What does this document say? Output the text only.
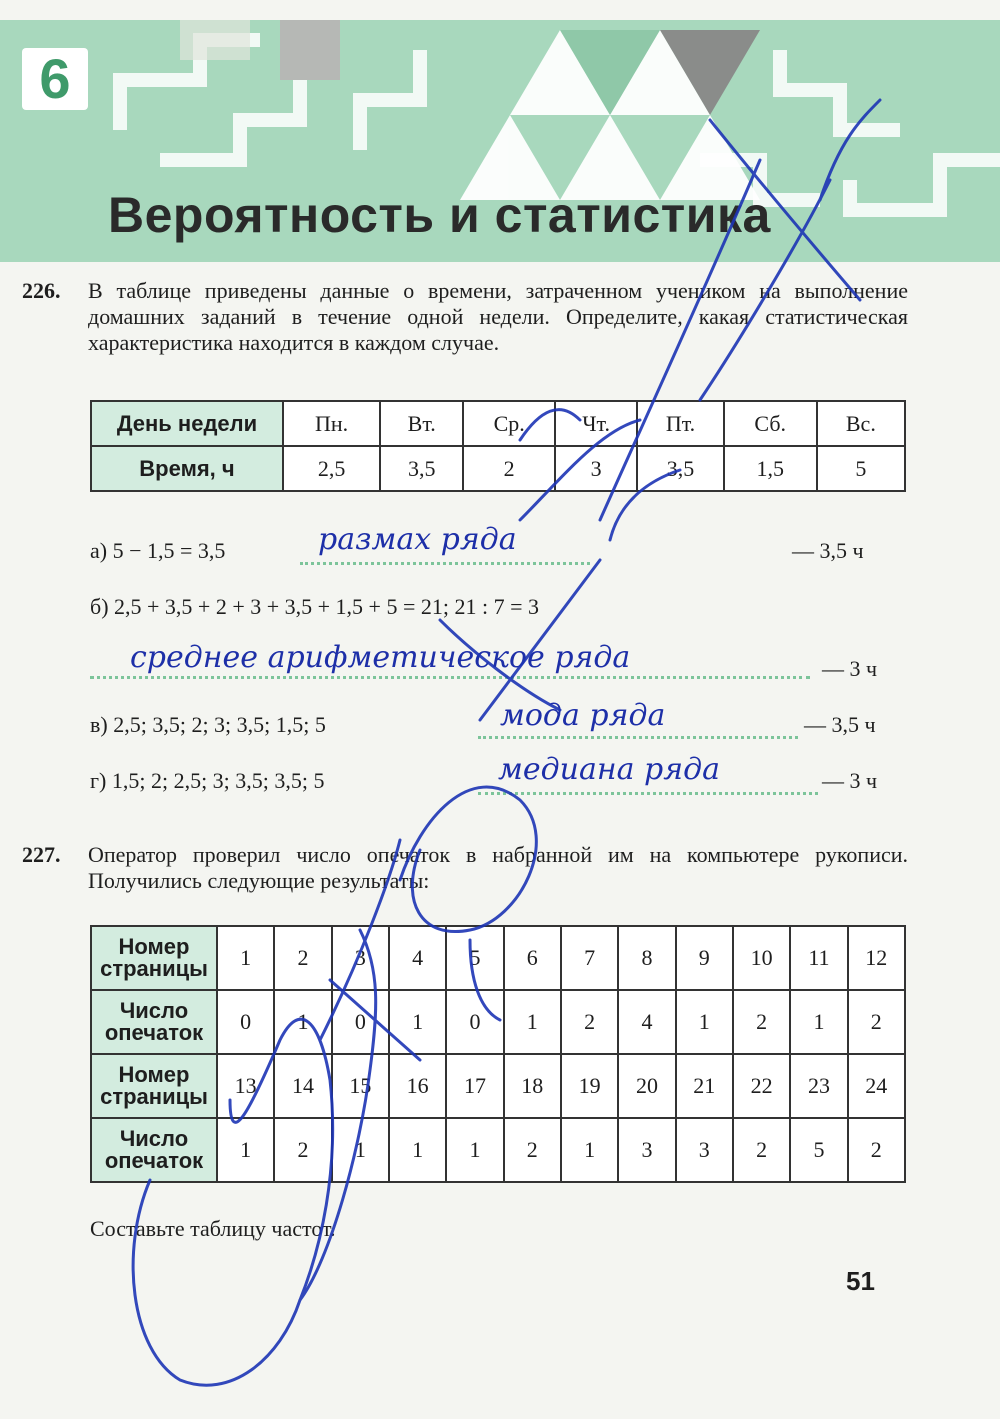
6
Вероятность и статистика
226. В таблице приведены данные о времени, затраченном учеником на выполнение домашних заданий в течение одной недели. Определите, какая статистическая характеристика находится в каждом случае.
День недели	Пн.	Вт.	Ср.	Чт.	Пт.	Сб.	Вс.
Время, ч	2,5	3,5	2	3	3,5	1,5	5
а) 5 − 1,5 = 3,5	размах ряда	— 3,5 ч
б) 2,5 + 3,5 + 2 + 3 + 3,5 + 1,5 + 5 = 21; 21 : 7 = 3
среднее арифметическое ряда	— 3 ч
в) 2,5; 3,5; 2; 3; 3,5; 1,5; 5	мода ряда	— 3,5 ч
г) 1,5; 2; 2,5; 3; 3,5; 3,5; 5	медиана ряда	— 3 ч
227. Оператор проверил число опечаток в набранной им на компьютере рукописи. Получились следующие результаты:
Номер страницы	1	2	3	4	5	6	7	8	9	10	11	12
Число опечаток	0	1	0	1	0	1	2	4	1	2	1	2
Номер страницы	13	14	15	16	17	18	19	20	21	22	23	24
Число опечаток	1	2	1	1	1	2	1	3	3	2	5	2
Составьте таблицу частот.
51
